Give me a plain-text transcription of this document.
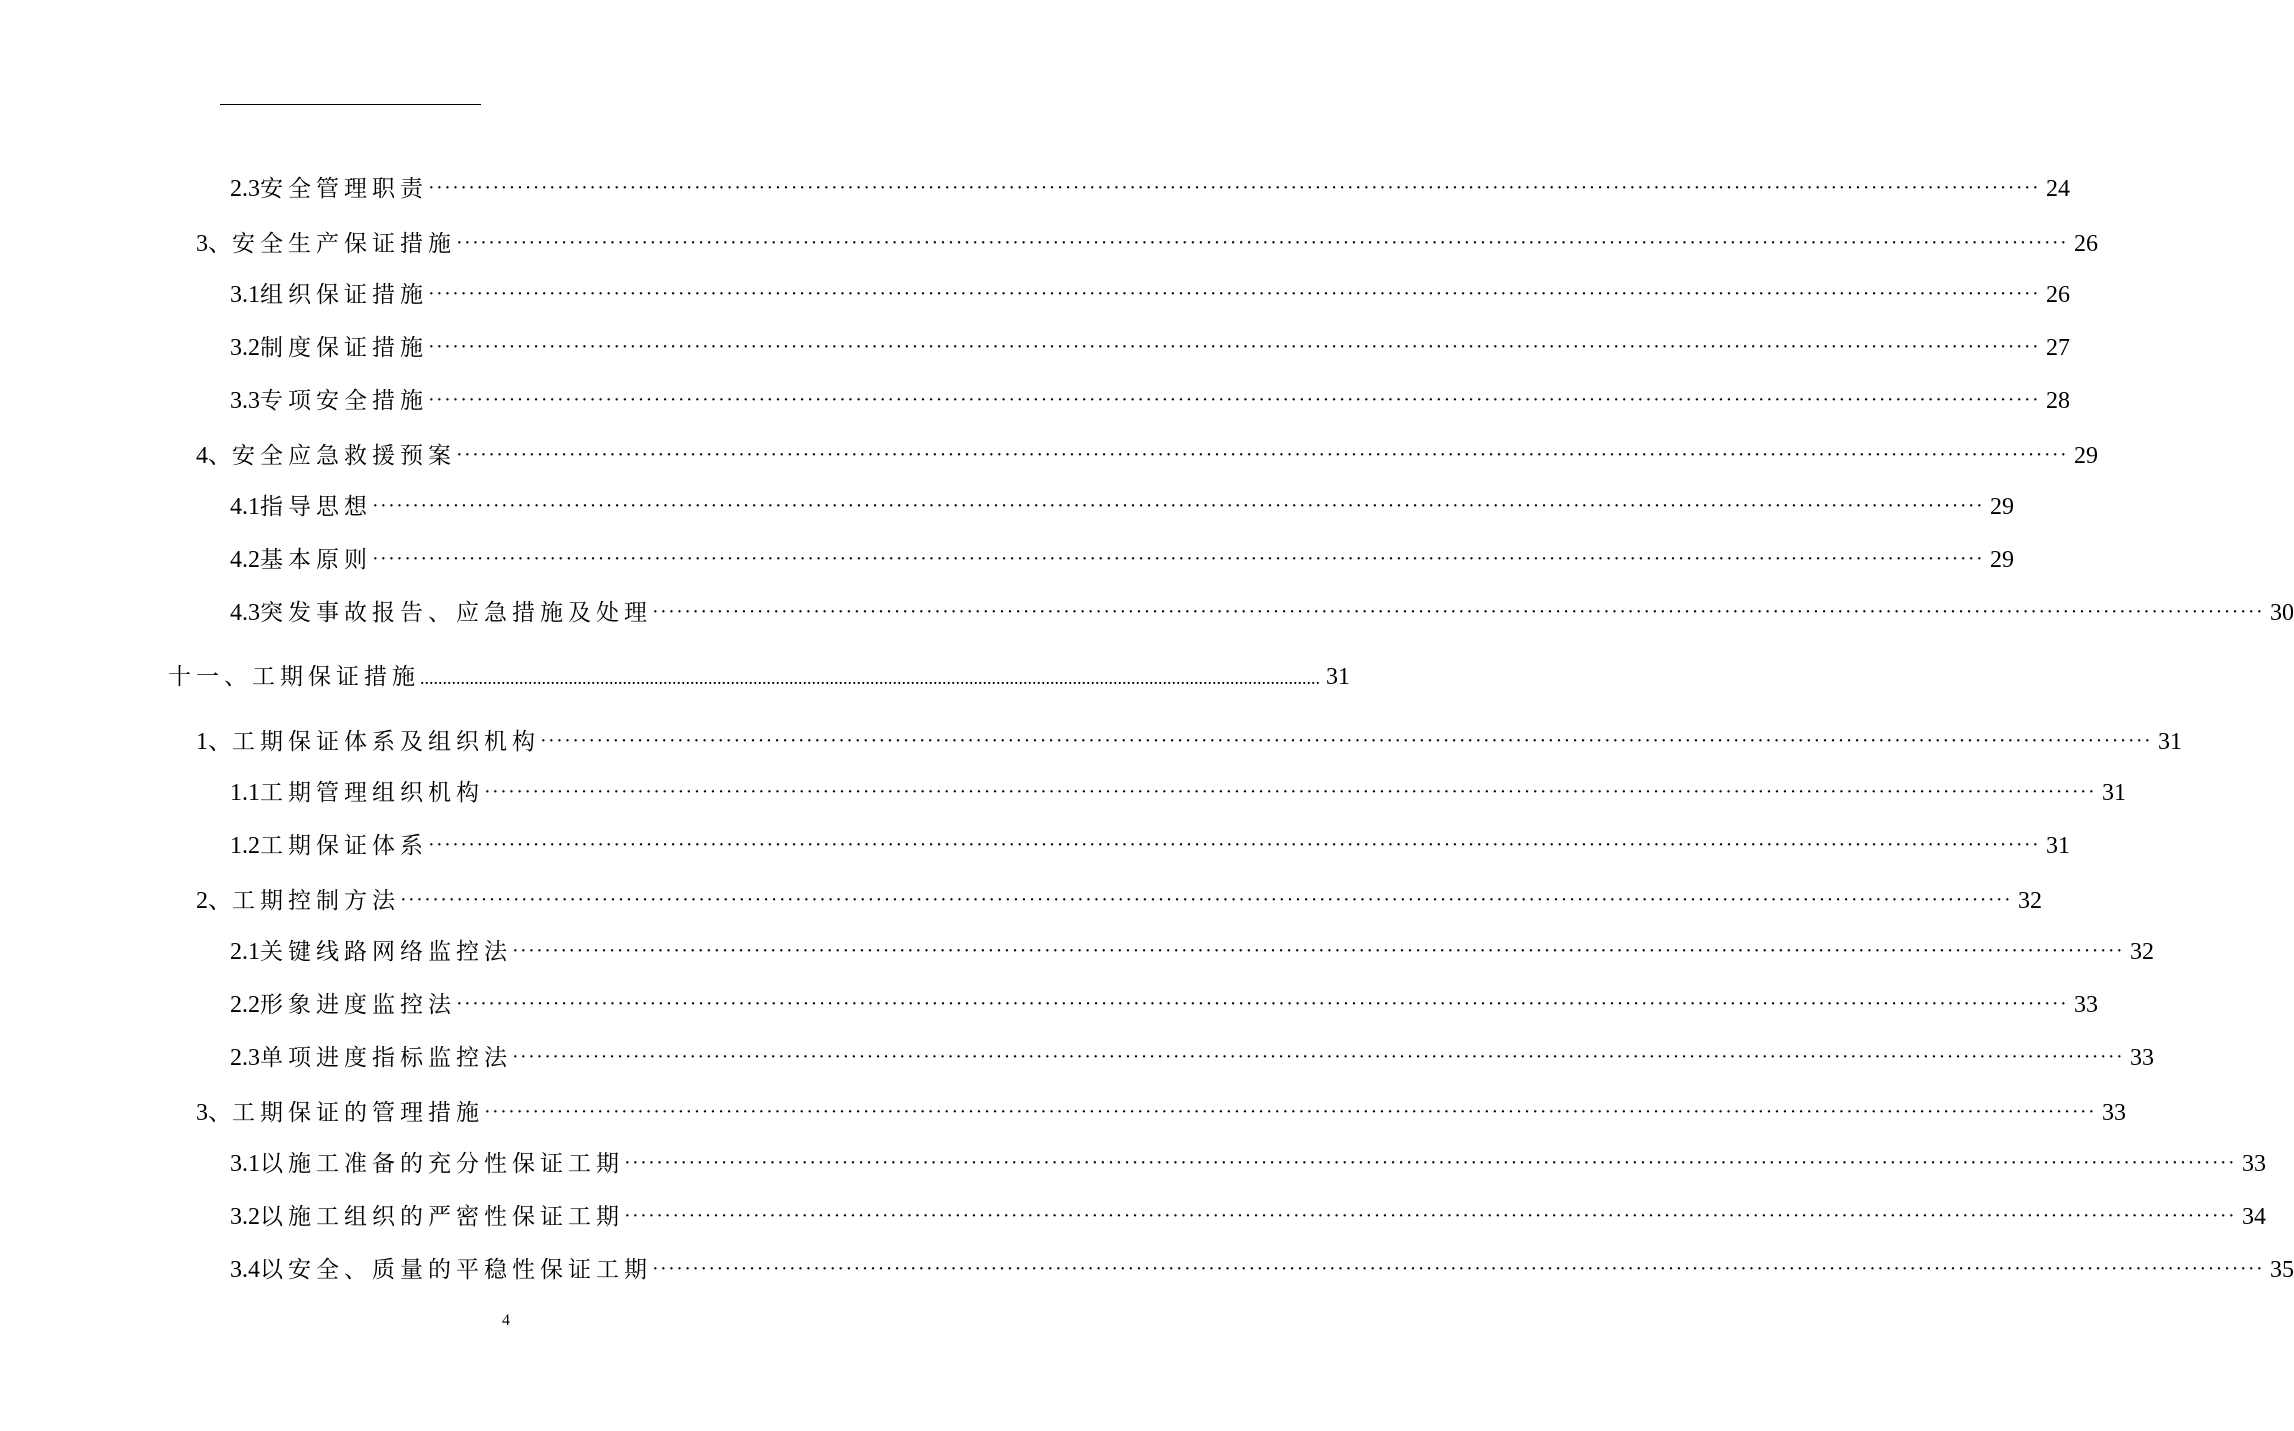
2.3 安全管理职责 ········································································································································································································ 24
3、 安全生产保证措施 ········································································································································································································ 26
3.1 组织保证措施 ········································································································································································································ 26
3.2 制度保证措施 ········································································································································································································ 27
3.3 专项安全措施 ········································································································································································································ 28
4、 安全应急救援预案 ········································································································································································································ 29
4.1 指导思想 ········································································································································································································ 29
4.2 基本原则 ········································································································································································································ 29
4.3 突发事故报告、应急措施及处理 ········································································································································································································ 30
十一、工期保证措施 ........................................................................................................................................................................................................ 31
1、 工期保证体系及组织机构 ········································································································································································································ 31
1.1 工期管理组织机构 ········································································································································································································ 31
1.2 工期保证体系 ········································································································································································································ 31
2、 工期控制方法 ········································································································································································································ 32
2.1 关键线路网络监控法 ········································································································································································································ 32
2.2 形象进度监控法 ········································································································································································································ 33
2.3 单项进度指标监控法 ········································································································································································································ 33
3、 工期保证的管理措施 ········································································································································································································ 33
3.1 以施工准备的充分性保证工期 ········································································································································································································ 33
3.2 以施工组织的严密性保证工期 ········································································································································································································ 34
3.4 以安全、质量的平稳性保证工期 ········································································································································································································ 35
4
